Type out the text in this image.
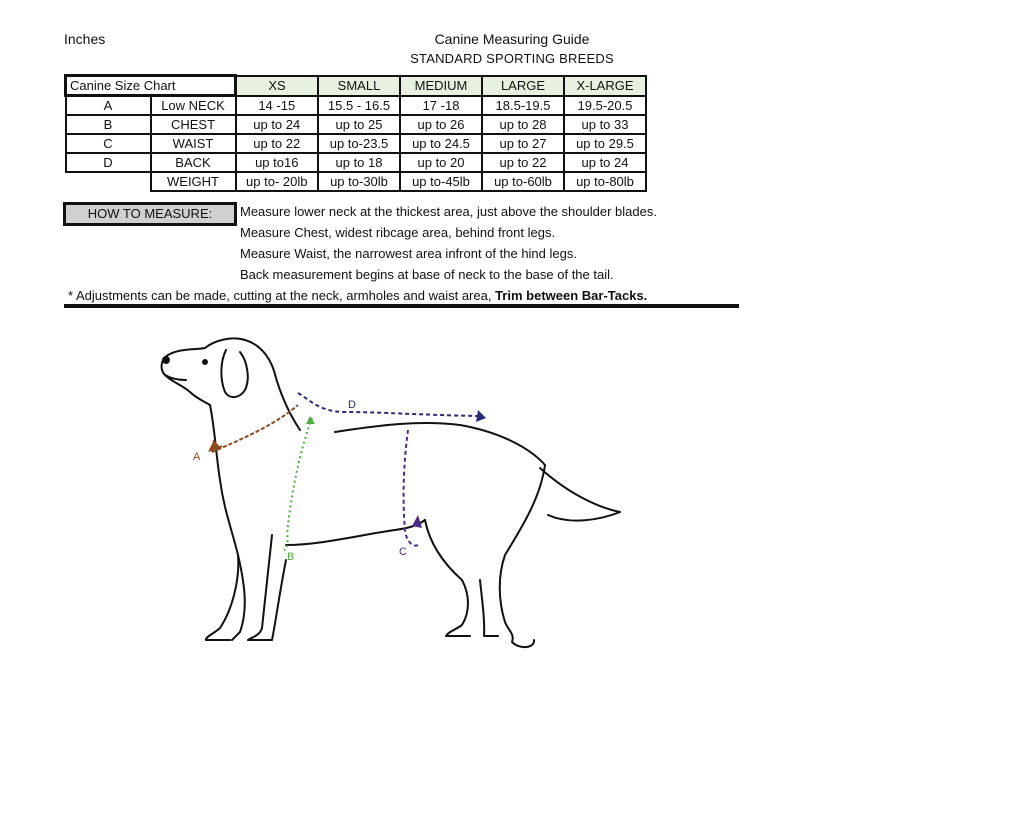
Inches	Canine Measuring Guide
STANDARD SPORTING BREEDS
Canine Size Chart		XS	SMALL	MEDIUM	LARGE	X-LARGE
A	Low NECK	14 -15	15.5 - 16.5	17 -18	18.5-19.5	19.5-20.5
B	CHEST	up to 24	up to 25	up to 26	up to 28	up to 33
C	WAIST	up to 22	up to-23.5	up to 24.5	up to 27	up to 29.5
D	BACK	up to16	up to 18	up to 20	up to 22	up to 24
	WEIGHT	up to- 20lb	up to-30lb	up to-45lb	up to-60lb	up to-80lb
HOW TO MEASURE:	Measure lower neck at the thickest area, just above the shoulder blades.
Measure Chest, widest ribcage area, behind front legs.
Measure Waist, the narrowest area infront of the hind legs.
Back measurement begins at base of neck to the base of the tail.
* Adjustments can be made, cutting at the neck, armholes and waist area, Trim between Bar-Tacks.
A
B	C
D
